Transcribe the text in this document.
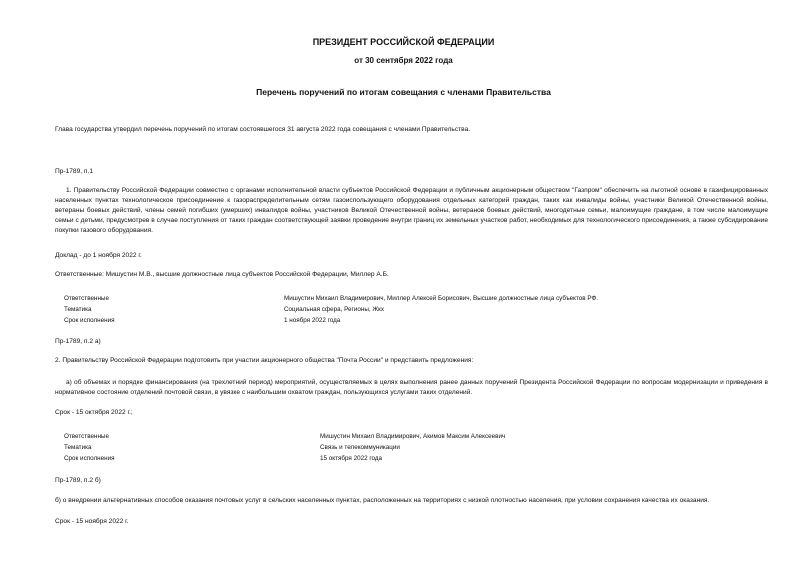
ПРЕЗИДЕНТ РОССИЙСКОЙ ФЕДЕРАЦИИ
от 30 сентября 2022 года
Перечень поручений по итогам совещания с членами Правительства
Глава государства утвердил перечень поручений по итогам состоявшегося 31 августа 2022 года совещания с членами Правительства.
Пр-1789, п.1
1. Правительству Российской Федерации совместно с органами исполнительной власти субъектов Российской Федерации и публичным акционерным обществом "Газпром" обеспечить на льготной основе в газифицированных населенных пунктах технологическое присоединение к газораспределительным сетям газоиспользующего оборудования отдельных категорий граждан, таких как инвалиды войны, участники Великой Отечественной войны, ветераны боевых действий, члены семей погибших (умерших) инвалидов войны, участников Великой Отечественной войны, ветеранов боевых действий, многодетные семьи, малоимущие граждане, в том числе малоимущие семьи с детьми, предусмотрев в случае поступления от таких граждан соответствующей заявки проведение внутри границ их земельных участков работ, необходимых для технологического присоединения, а также субсидирование покупки газового оборудования.
Доклад - до 1 ноября 2022 г.
Ответственные: Мишустин М.В., высшие должностные лица субъектов Российской Федерации, Миллер А.Б.
Ответственные	Мишустин Михаил Владимирович, Миллер Алексей Борисович, Высшие должностные лица субъектов РФ.
Тематика	Социальная сфера, Регионы, Жкх
Срок исполнения	1 ноября 2022 года
Пр-1789, п.2 а)
2. Правительству Российской Федерации подготовить при участии акционерного общества "Почта России" и представить предложения:
а) об объемах и порядке финансирования (на трехлетний период) мероприятий, осуществляемых в целях выполнения ранее данных поручений Президента Российской Федерации по вопросам модернизации и приведения в нормативное состояние отделений почтовой связи, в увязке с наибольшим охватом граждан, пользующихся услугами таких отделений.
Срок - 15 октября 2022 г.;
Ответственные	Мишустин Михаил Владимирович, Акимов Максим Алексеевич
Тематика	Связь и телекоммуникации
Срок исполнения	15 октября 2022 года
Пр-1789, п.2 б)
б) о внедрении альтернативных способов оказания почтовых услуг в сельских населенных пунктах, расположенных на территориях с низкой плотностью населения, при условии сохранения качества их оказания.
Срок - 15 ноября 2022 г.
